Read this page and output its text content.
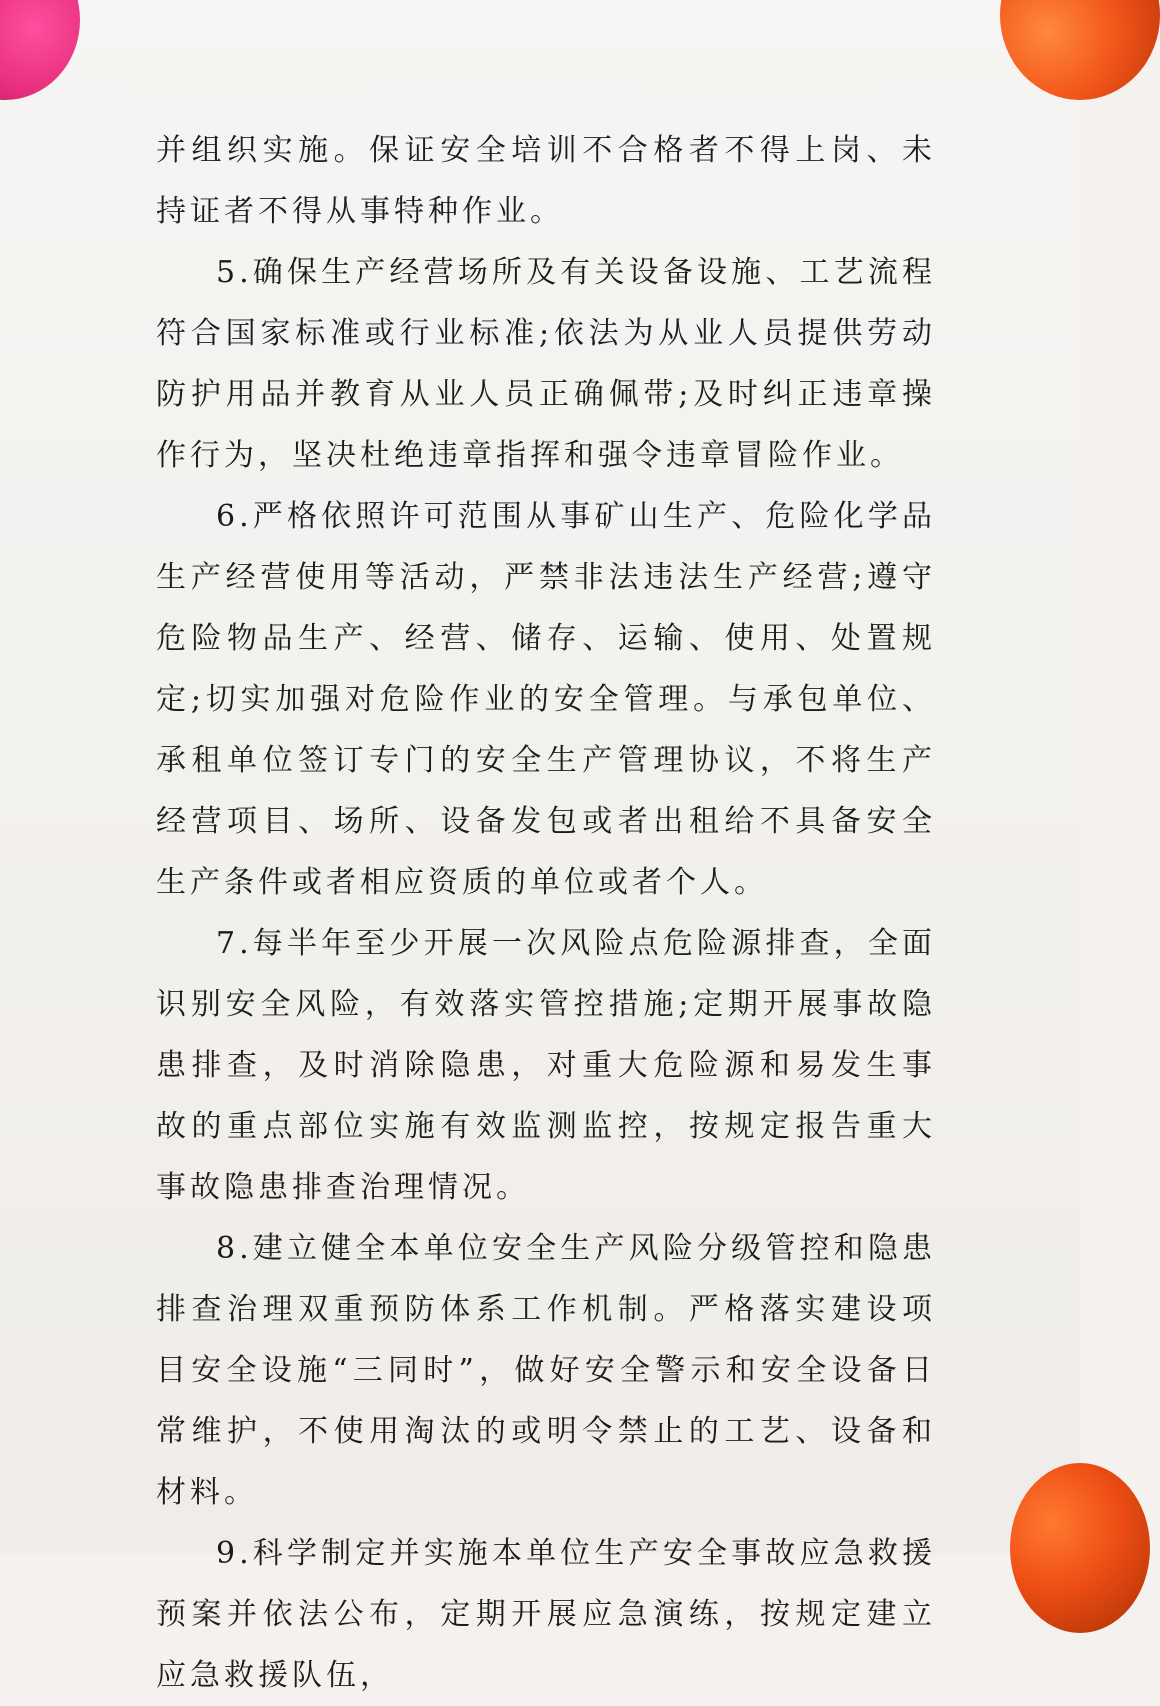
并组织实施。保证安全培训不合格者不得上岗、未持证者不得从事特种作业。

5.确保生产经营场所及有关设备设施、工艺流程符合国家标准或行业标准;依法为从业人员提供劳动防护用品并教育从业人员正确佩带;及时纠正违章操作行为，坚决杜绝违章指挥和强令违章冒险作业。

6.严格依照许可范围从事矿山生产、危险化学品生产经营使用等活动，严禁非法违法生产经营;遵守危险物品生产、经营、储存、运输、使用、处置规定;切实加强对危险作业的安全管理。与承包单位、承租单位签订专门的安全生产管理协议，不将生产经营项目、场所、设备发包或者出租给不具备安全生产条件或者相应资质的单位或者个人。

7.每半年至少开展一次风险点危险源排查，全面识别安全风险，有效落实管控措施;定期开展事故隐患排查，及时消除隐患，对重大危险源和易发生事故的重点部位实施有效监测监控，按规定报告重大事故隐患排查治理情况。

8.建立健全本单位安全生产风险分级管控和隐患排查治理双重预防体系工作机制。严格落实建设项目安全设施“三同时”，做好安全警示和安全设备日常维护，不使用淘汰的或明令禁止的工艺、设备和材料。

9.科学制定并实施本单位生产安全事故应急救援预案并依法公布，定期开展应急演练，按规定建立应急救援队伍，
